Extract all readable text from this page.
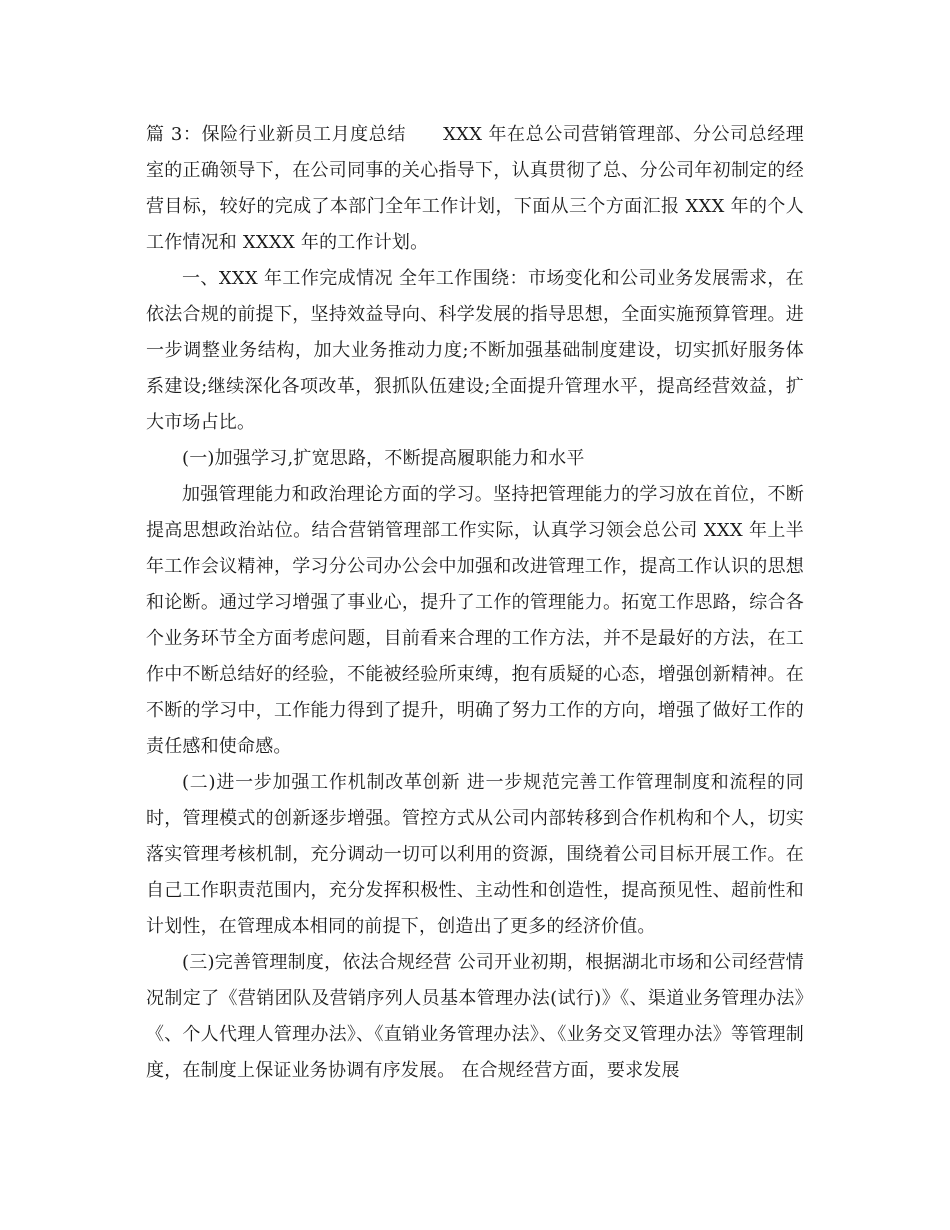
篇 3：保险行业新员工月度总结　　XXX 年在总公司营销管理部、分公司总经理室的正确领导下，在公司同事的关心指导下，认真贯彻了总、分公司年初制定的经营目标，较好的完成了本部门全年工作计划，下面从三个方面汇报 XXX 年的个人工作情况和 XXXX 年的工作计划。

一、XXX 年工作完成情况 全年工作围绕：市场变化和公司业务发展需求，在依法合规的前提下，坚持效益导向、科学发展的指导思想，全面实施预算管理。进一步调整业务结构，加大业务推动力度;不断加强基础制度建设，切实抓好服务体系建设;继续深化各项改革，狠抓队伍建设;全面提升管理水平，提高经营效益，扩大市场占比。

(一)加强学习,扩宽思路，不断提高履职能力和水平

加强管理能力和政治理论方面的学习。坚持把管理能力的学习放在首位，不断提高思想政治站位。结合营销管理部工作实际，认真学习领会总公司 XXX 年上半年工作会议精神，学习分公司办公会中加强和改进管理工作，提高工作认识的思想和论断。通过学习增强了事业心，提升了工作的管理能力。拓宽工作思路，综合各个业务环节全方面考虑问题，目前看来合理的工作方法，并不是最好的方法，在工作中不断总结好的经验，不能被经验所束缚，抱有质疑的心态，增强创新精神。在不断的学习中，工作能力得到了提升，明确了努力工作的方向，增强了做好工作的责任感和使命感。

(二)进一步加强工作机制改革创新 进一步规范完善工作管理制度和流程的同时，管理模式的创新逐步增强。管控方式从公司内部转移到合作机构和个人，切实落实管理考核机制，充分调动一切可以利用的资源，围绕着公司目标开展工作。在自己工作职责范围内，充分发挥积极性、主动性和创造性，提高预见性、超前性和计划性，在管理成本相同的前提下，创造出了更多的经济价值。

(三)完善管理制度，依法合规经营 公司开业初期，根据湖北市场和公司经营情况制定了《营销团队及营销序列人员基本管理办法(试行)》《、渠道业务管理办法》《、个人代理人管理办法》、《直销业务管理办法》、《业务交叉管理办法》等管理制度，在制度上保证业务协调有序发展。 在合规经营方面，要求发展
